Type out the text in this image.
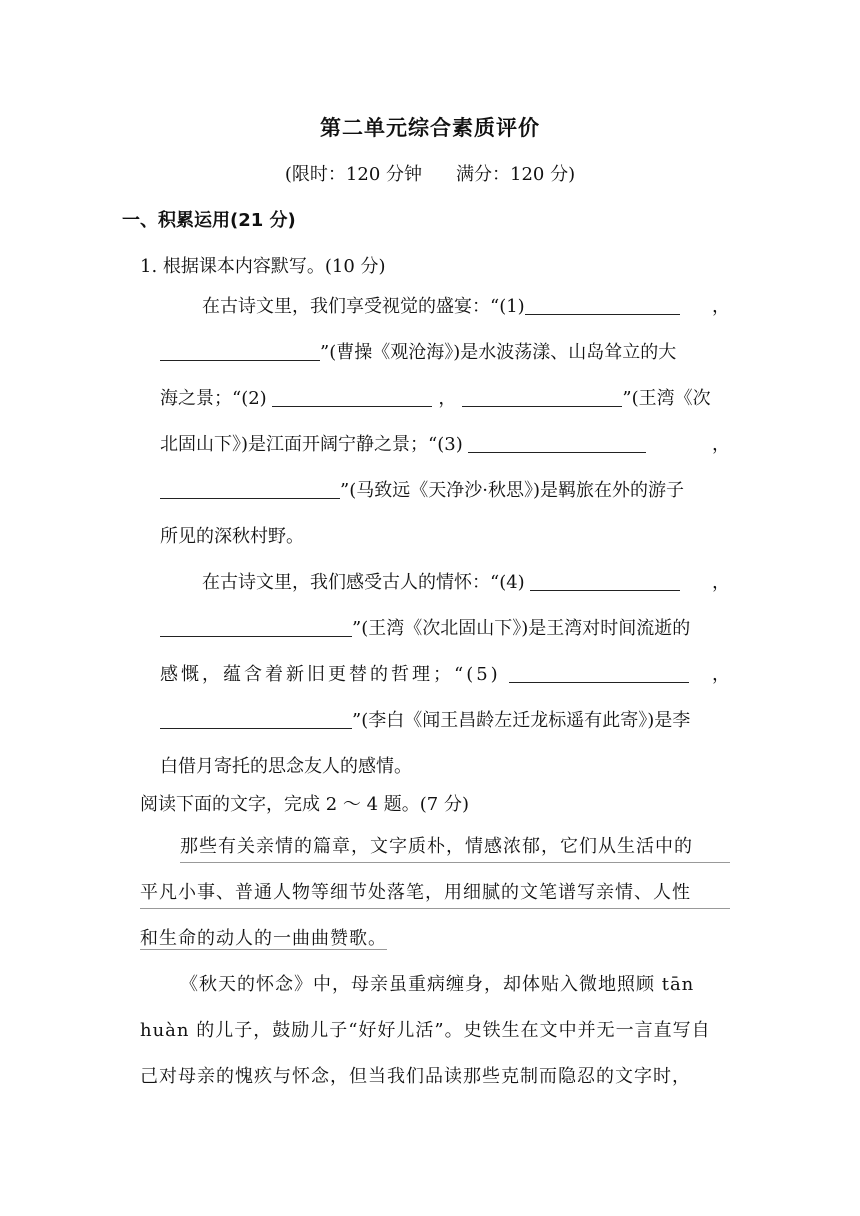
第二单元综合素质评价
(限时：120 分钟 满分：120 分)
一、积累运用(21 分)
1. 根据课本内容默写。(10 分)
在古诗文里，我们享受视觉的盛宴：“(1)	，
”(曹操《观沧海》)是水波荡漾、山岛耸立的大
海之景；“(2)	，	”(王湾《次
北固山下》)是江面开阔宁静之景；“(3)	，
”(马致远《天净沙·秋思》)是羁旅在外的游子
所见的深秋村野。
在古诗文里，我们感受古人的情怀：“(4)	，
”(王湾《次北固山下》)是王湾对时间流逝的
感慨，蕴含着新旧更替的哲理；“(5)	，
”(李白《闻王昌龄左迁龙标遥有此寄》)是李
白借月寄托的思念友人的感情。
阅读下面的文字，完成 2 ～ 4 题。(7 分)
那些有关亲情的篇章，文字质朴，情感浓郁，它们从生活中的
平凡小事、普通人物等细节处落笔，用细腻的文笔谱写亲情、人性
和生命的动人的一曲曲赞歌。
《秋天的怀念》中，母亲虽重病缠身，却体贴入微地照顾 tān
huàn 的儿子，鼓励儿子“好好儿活”。史铁生在文中并无一言直写自
己对母亲的愧疚与怀念，但当我们品读那些克制而隐忍的文字时，
